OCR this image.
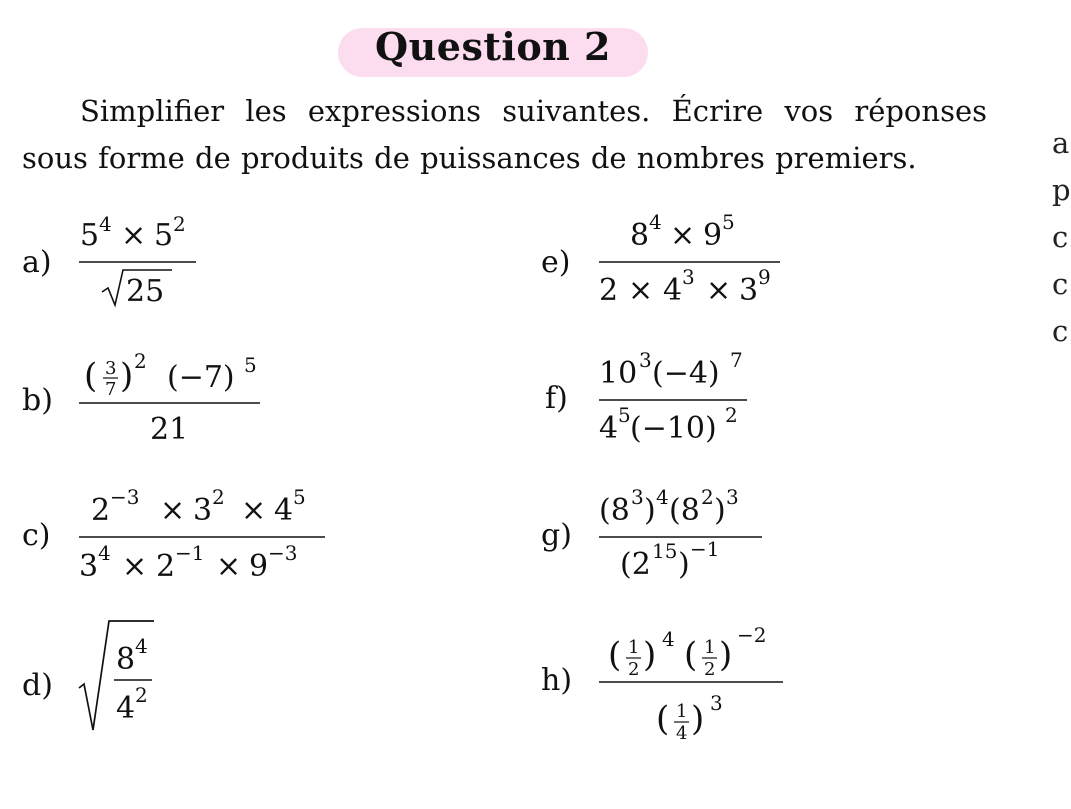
Question 2
Simplifier les expressions suivantes. Écrire vos réponses sous forme de produits de puissances de nombres premiers.	a
p
c
c
c
a)
5 4 × 5 2
25
b)
( 3
7 ) 2 (−7) 5
21
c)
2 −3 × 3 2 × 4 5
3 4 × 2 −1 × 9 −3
d)
8 4
4 2
e)
8 4 × 9 5
2 × 4 3 × 3 9
f)
10 3 (−4) 7
4 5 (−10) 2
g)
(8 3 ) 4 (8 2 ) 3
(2 15 ) −1
h)
( 1
2 ) 4 ( 1
2 ) −2
( 1
4 ) 3
